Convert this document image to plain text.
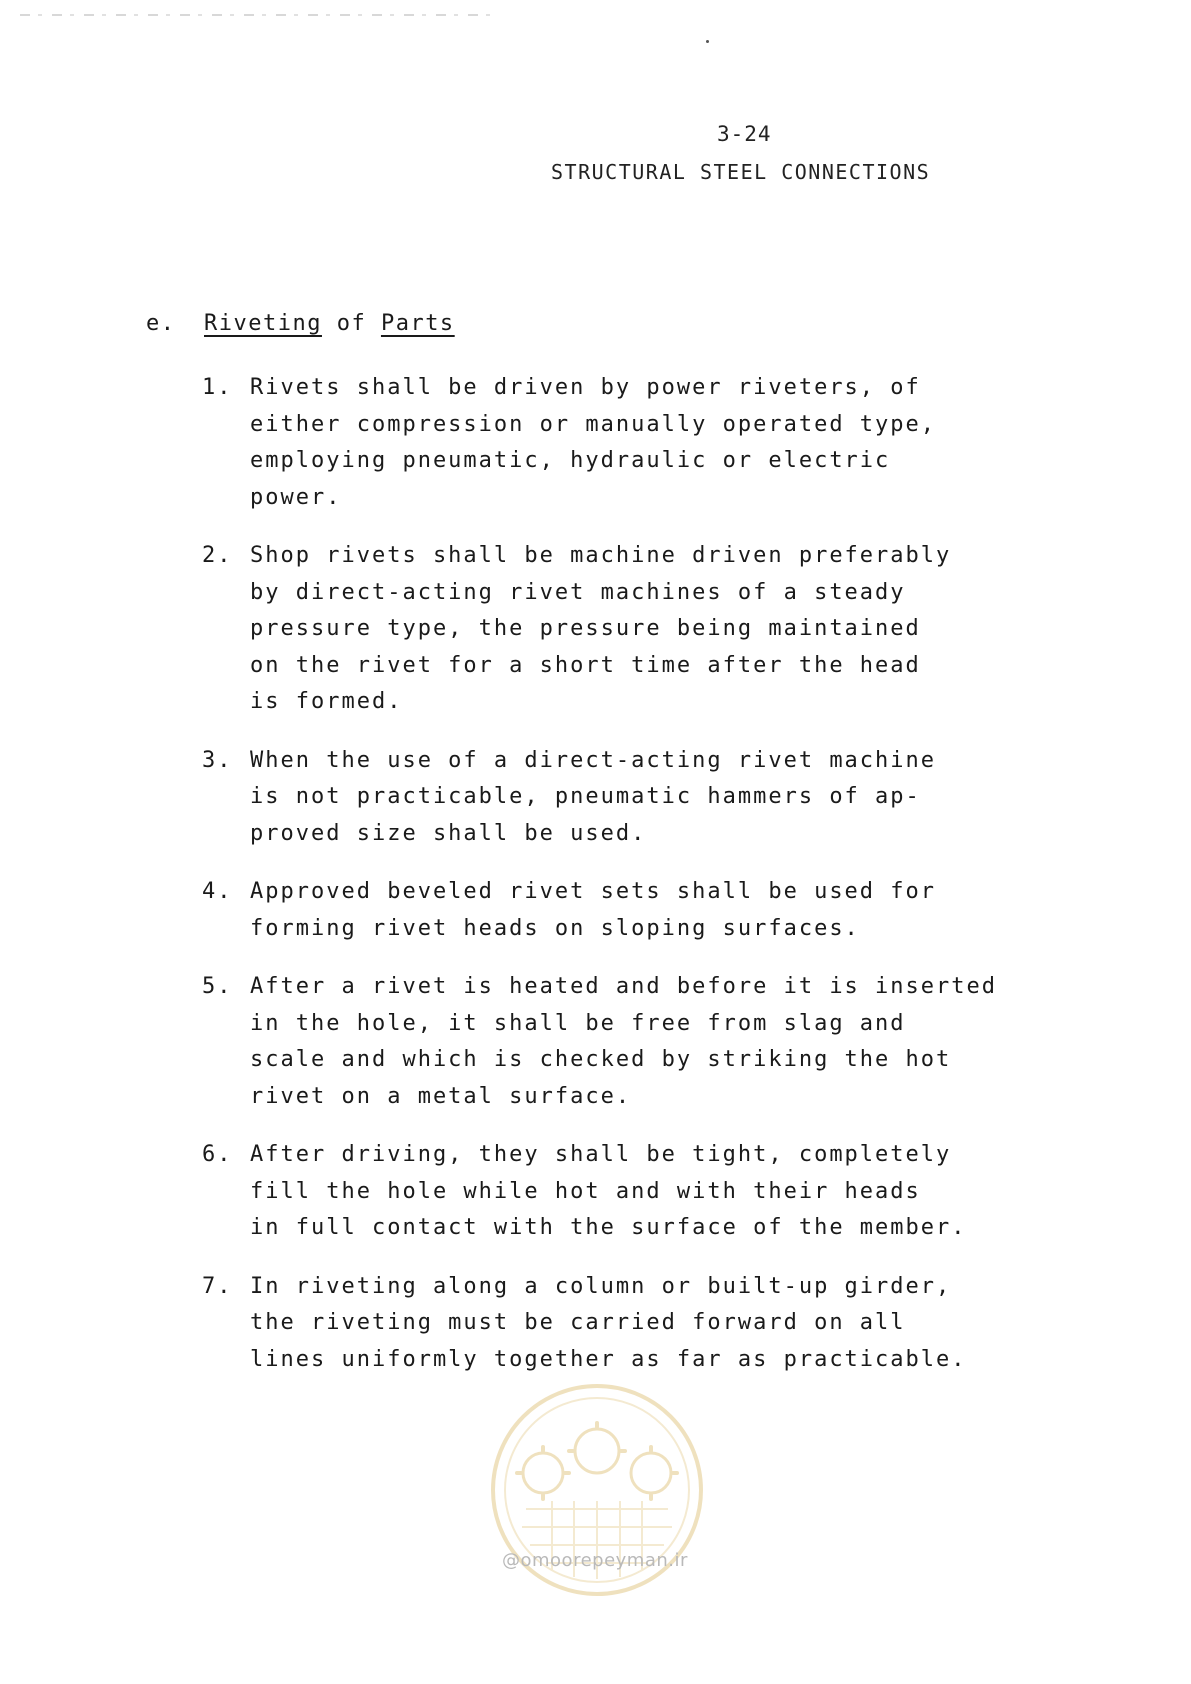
3-24
STRUCTURAL STEEL CONNECTIONS
e. Riveting of Parts
1. Rivets shall be driven by power riveters, of
either compression or manually operated type,
employing pneumatic, hydraulic or electric
power.
2. Shop rivets shall be machine driven preferably
by direct-acting rivet machines of a steady
pressure type, the pressure being maintained
on the rivet for a short time after the head
is formed.
3. When the use of a direct-acting rivet machine
is not practicable, pneumatic hammers of ap-
proved size shall be used.
4. Approved beveled rivet sets shall be used for
forming rivet heads on sloping surfaces.
5. After a rivet is heated and before it is inserted
in the hole, it shall be free from slag and
scale and which is checked by striking the hot
rivet on a metal surface.
6. After driving, they shall be tight, completely
fill the hole while hot and with their heads
in full contact with the surface of the member.
7. In riveting along a column or built-up girder,
the riveting must be carried forward on all
lines uniformly together as far as practicable.
@omoorepeyman.ir
